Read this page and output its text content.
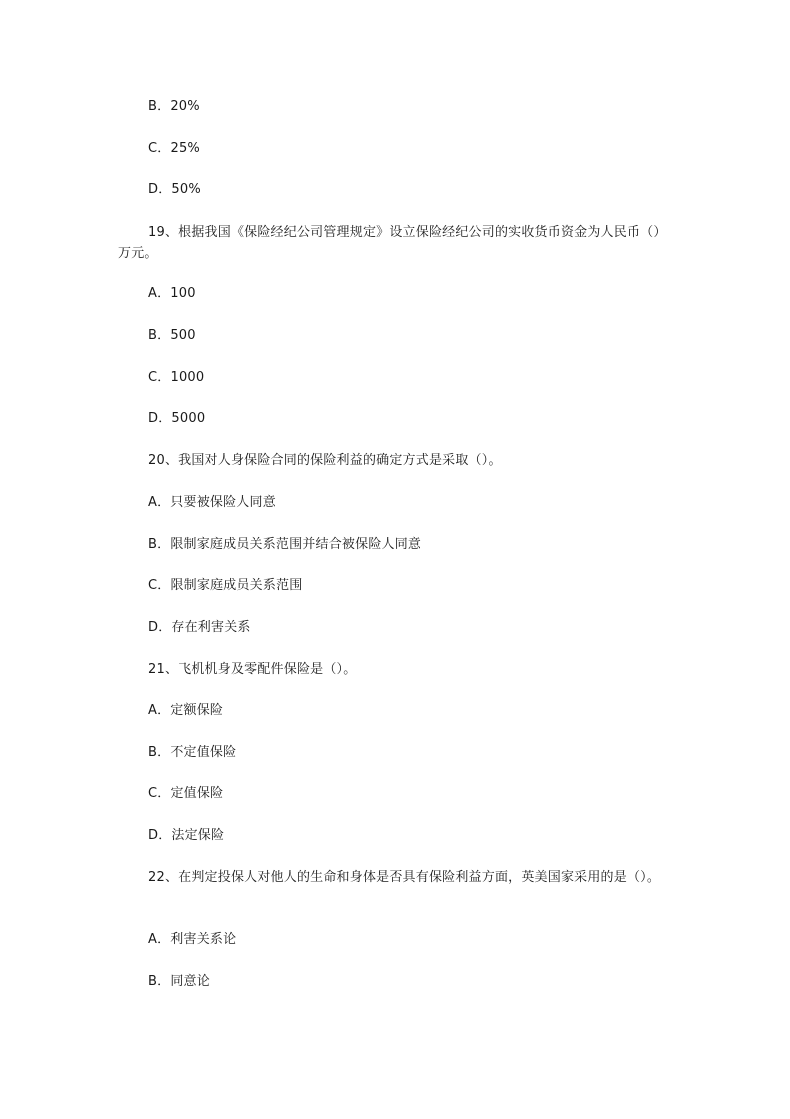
B．20%
C．25%
D．50%
19、根据我国《保险经纪公司管理规定》设立保险经纪公司的实收货币资金为人民币（）万元。
A．100
B．500
C．1000
D．5000
20、我国对人身保险合同的保险利益的确定方式是采取（）。
A．只要被保险人同意
B．限制家庭成员关系范围并结合被保险人同意
C．限制家庭成员关系范围
D．存在利害关系
21、飞机机身及零配件保险是（）。
A．定额保险
B．不定值保险
C．定值保险
D．法定保险
22、在判定投保人对他人的生命和身体是否具有保险利益方面，英美国家采用的是（）。
A．利害关系论
B．同意论
